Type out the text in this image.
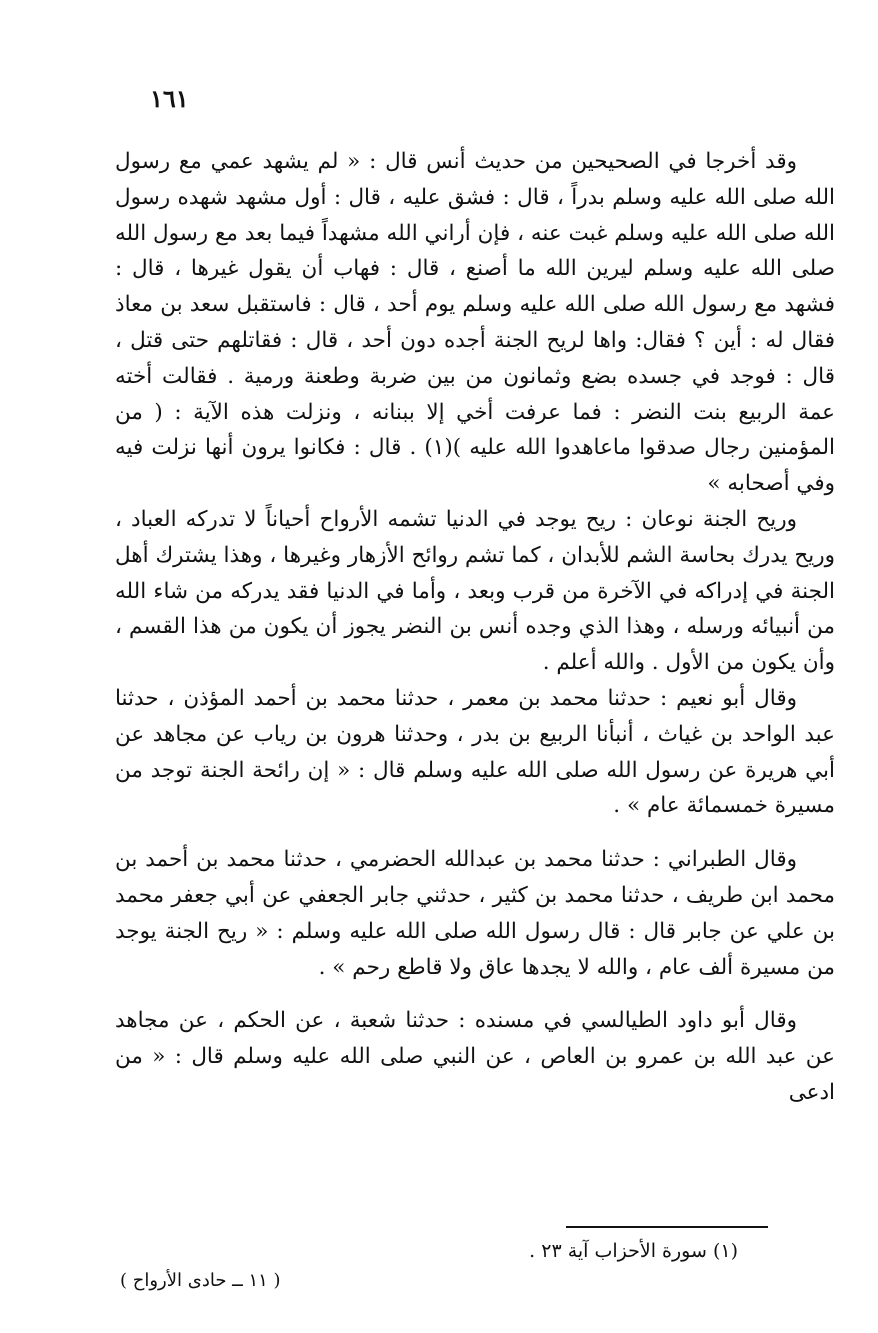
١٦١

وقد أخرجا في الصحيحين من حديث أنس قال : « لم يشهد عمي مع رسول الله صلى الله عليه وسلم بدراً ، قال : فشق عليه ، قال : أول مشهد شهده رسول الله صلى الله عليه وسلم غبت عنه ، فإن أراني الله مشهداً فيما بعد مع رسول الله صلى الله عليه وسلم ليرين الله ما أصنع ، قال : فهاب أن يقول غيرها ، قال : فشهد مع رسول الله صلى الله عليه وسلم يوم أحد ، قال : فاستقبل سعد بن معاذ فقال له : أين ؟ فقال: واها لريح الجنة أجده دون أحد ، قال : فقاتلهم حتى قتل ، قال : فوجد في جسده بضع وثمانون من بين ضربة وطعنة ورمية . فقالت أخته عمة الربيع بنت النضر : فما عرفت أخي إلا ببنانه ، ونزلت هذه الآية : ( من المؤمنين رجال صدقوا ماعاهدوا الله عليه )(١) . قال : فكانوا يرون أنها نزلت فيه وفي أصحابه »

وريح الجنة نوعان : ريح يوجد في الدنيا تشمه الأرواح أحياناً لا تدركه العباد ، وريح يدرك بحاسة الشم للأبدان ، كما تشم روائح الأزهار وغيرها ، وهذا يشترك أهل الجنة في إدراكه في الآخرة من قرب وبعد ، وأما في الدنيا فقد يدركه من شاء الله من أنبيائه ورسله ، وهذا الذي وجده أنس بن النضر يجوز أن يكون من هذا القسم ، وأن يكون من الأول . والله أعلم .

وقال أبو نعيم : حدثنا محمد بن معمر ، حدثنا محمد بن أحمد المؤذن ، حدثنا عبد الواحد بن غياث ، أنبأنا الربيع بن بدر ، وحدثنا هرون بن رياب عن مجاهد عن أبي هريرة عن رسول الله صلى الله عليه وسلم قال : « إن رائحة الجنة توجد من مسيرة خمسمائة عام » .

وقال الطبراني : حدثنا محمد بن عبدالله الحضرمي ، حدثنا محمد بن أحمد بن محمد ابن طريف ، حدثنا محمد بن كثير ، حدثني جابر الجعفي عن أبي جعفر محمد بن علي عن جابر قال : قال رسول الله صلى الله عليه وسلم : « ريح الجنة يوجد من مسيرة ألف عام ، والله لا يجدها عاق ولا قاطع رحم » .

وقال أبو داود الطيالسي في مسنده : حدثنا شعبة ، عن الحكم ، عن مجاهد عن عبد الله بن عمرو بن العاص ، عن النبي صلى الله عليه وسلم قال : « من ادعى

(١) سورة الأحزاب آية ٢٣ .
( ١١ ــ حادى الأرواح )
